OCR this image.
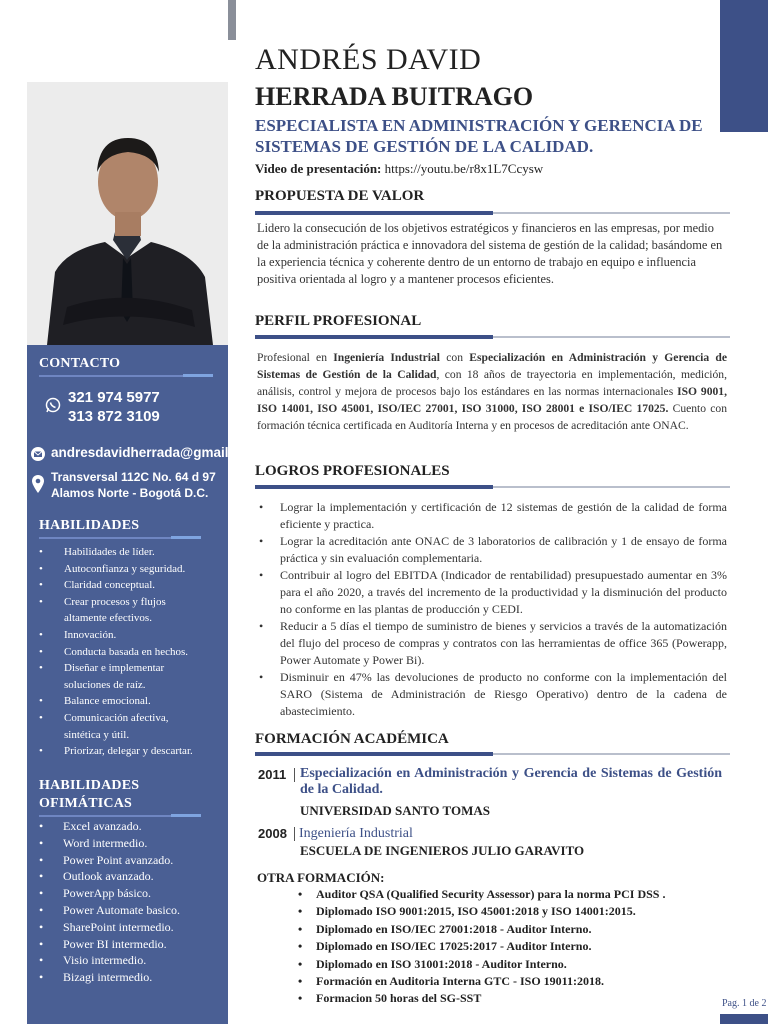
CONTACTO
321 974 5977
313 872 3109
andresdavidherrada@gmail.com
Transversal 112C No. 64 d 97
Alamos Norte - Bogotá D.C.
HABILIDADES
• Habilidades de líder.
• Autoconfianza y seguridad.
• Claridad conceptual.
• Crear procesos y flujos altamente efectivos.
• Innovación.
• Conducta basada en hechos.
• Diseñar e implementar soluciones de raíz.
• Balance emocional.
• Comunicación afectiva, sintética y útil.
• Priorizar, delegar y descartar.
HABILIDADES
OFIMÁTICAS
• Excel avanzado.
• Word intermedio.
• Power Point avanzado.
• Outlook avanzado.
• PowerApp básico.
• Power Automate basico.
• SharePoint intermedio.
• Power BI intermedio.
• Visio intermedio.
• Bizagi intermedio.
ANDRÉS DAVID
HERRADA BUITRAGO
ESPECIALISTA EN ADMINISTRACIÓN Y GERENCIA DE SISTEMAS DE GESTIÓN DE LA CALIDAD.
Video de presentación: https://youtu.be/r8x1L7Ccysw
PROPUESTA DE VALOR
Lidero la consecución de los objetivos estratégicos y financieros en las empresas, por medio de la administración práctica e innovadora del sistema de gestión de la calidad; basándome en la experiencia técnica y coherente dentro de un entorno de trabajo en equipo e influencia positiva orientada al logro y a mantener procesos eficientes.
PERFIL PROFESIONAL
Profesional en Ingeniería Industrial con Especialización en Administración y Gerencia de Sistemas de Gestión de la Calidad, con 18 años de trayectoria en implementación, medición, análisis, control y mejora de procesos bajo los estándares en las normas internacionales ISO 9001, ISO 14001, ISO 45001, ISO/IEC 27001, ISO 31000, ISO 28001 e ISO/IEC 17025. Cuento con formación técnica certificada en Auditoría Interna y en procesos de acreditación ante ONAC.
LOGROS PROFESIONALES
• Lograr la implementación y certificación de 12 sistemas de gestión de la calidad de forma eficiente y practica.
• Lograr la acreditación ante ONAC de 3 laboratorios de calibración y 1 de ensayo de forma práctica y sin evaluación complementaria.
• Contribuir al logro del EBITDA (Indicador de rentabilidad) presupuestado aumentar en 3% para el año 2020, a través del incremento de la productividad y la disminución del producto no conforme en las plantas de producción y CEDI.
• Reducir a 5 días el tiempo de suministro de bienes y servicios a través de la automatización del flujo del proceso de compras y contratos con las herramientas de office 365 (Powerapp, Power Automate y Power Bi).
• Disminuir en 47% las devoluciones de producto no conforme con la implementación del SARO (Sistema de Administración de Riesgo Operativo) dentro de la cadena de abastecimiento.
FORMACIÓN ACADÉMICA
2011 Especialización en Administración y Gerencia de Sistemas de Gestión de la Calidad.
UNIVERSIDAD SANTO TOMAS
2008 Ingeniería Industrial
ESCUELA DE INGENIEROS JULIO GARAVITO
OTRA FORMACIÓN:
• Auditor QSA (Qualified Security Assessor) para la norma PCI DSS .
• Diplomado ISO 9001:2015, ISO 45001:2018 y ISO 14001:2015.
• Diplomado en ISO/IEC 27001:2018 - Auditor Interno.
• Diplomado en ISO/IEC 17025:2017 - Auditor Interno.
• Diplomado en ISO 31001:2018 - Auditor Interno.
• Formación en Auditoria Interna GTC - ISO 19011:2018.
• Formacion 50 horas del SG-SST	Pag. 1 de 2
